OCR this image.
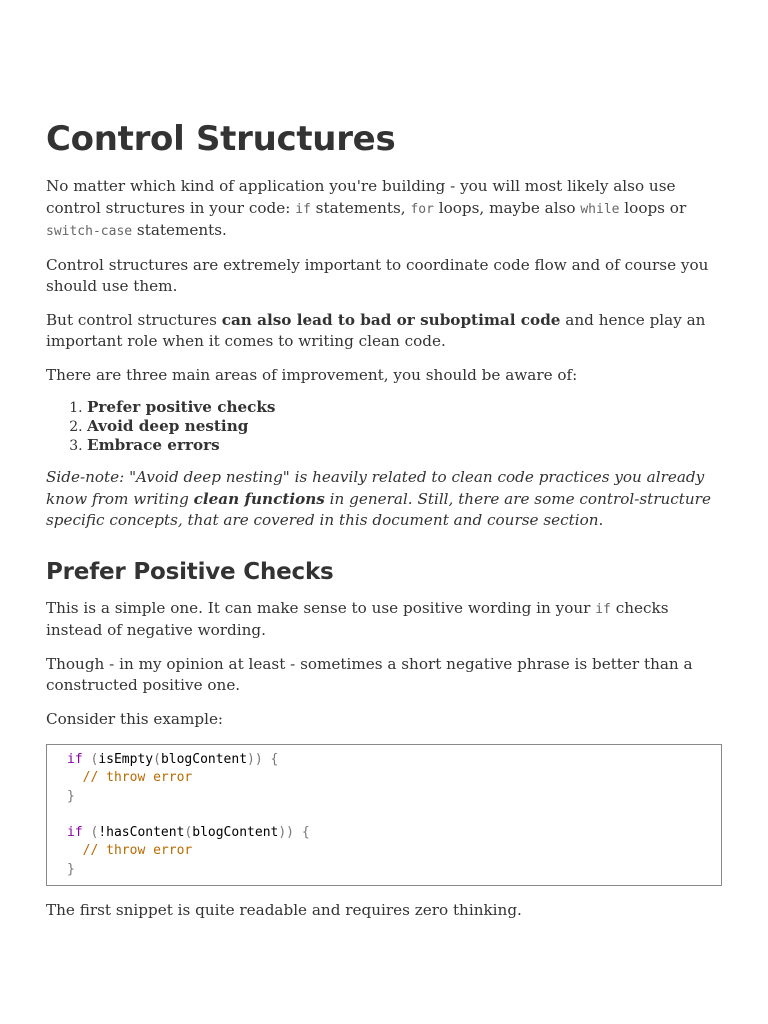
Control Structures

No matter which kind of application you're building - you will most likely also use control structures in your code: if statements, for loops, maybe also while loops or switch-case statements.

Control structures are extremely important to coordinate code flow and of course you should use them.

But control structures can also lead to bad or suboptimal code and hence play an important role when it comes to writing clean code.

There are three main areas of improvement, you should be aware of:

1. Prefer positive checks
2. Avoid deep nesting
3. Embrace errors

Side-note: "Avoid deep nesting" is heavily related to clean code practices you already know from writing clean functions in general. Still, there are some control-structure specific concepts, that are covered in this document and course section.

Prefer Positive Checks

This is a simple one. It can make sense to use positive wording in your if checks instead of negative wording.

Though - in my opinion at least - sometimes a short negative phrase is better than a constructed positive one.

Consider this example:

if (isEmpty(blogContent)) {
// throw error
}

if (!hasContent(blogContent)) {
// throw error
}

The first snippet is quite readable and requires zero thinking.
